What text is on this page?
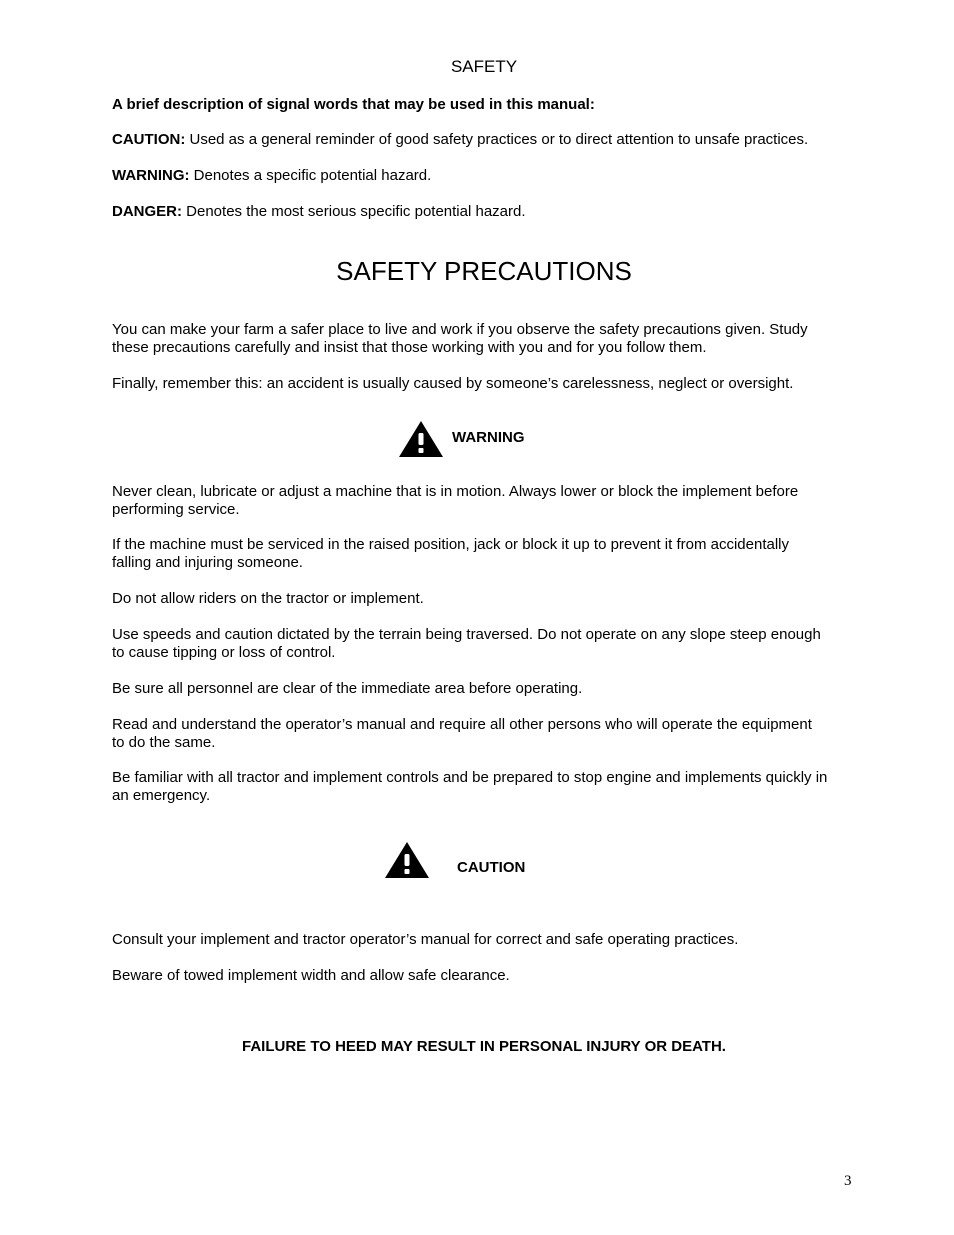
SAFETY
A brief description of signal words that may be used in this manual:
CAUTION: Used as a general reminder of good safety practices or to direct attention to unsafe practices.
WARNING: Denotes a specific potential hazard.
DANGER: Denotes the most serious specific potential hazard.
SAFETY PRECAUTIONS
You can make your farm a safer place to live and work if you observe the safety precautions given. Study
these precautions carefully and insist that those working with you and for you follow them.
Finally, remember this: an accident is usually caused by someone’s carelessness, neglect or oversight.
WARNING
Never clean, lubricate or adjust a machine that is in motion. Always lower or block the implement before
performing service.
If the machine must be serviced in the raised position, jack or block it up to prevent it from accidentally
falling and injuring someone.
Do not allow riders on the tractor or implement.
Use speeds and caution dictated by the terrain being traversed. Do not operate on any slope steep enough
to cause tipping or loss of control.
Be sure all personnel are clear of the immediate area before operating.
Read and understand the operator’s manual and require all other persons who will operate the equipment
to do the same.
Be familiar with all tractor and implement controls and be prepared to stop engine and implements quickly in
an emergency.
CAUTION
Consult your implement and tractor operator’s manual for correct and safe operating practices.
Beware of towed implement width and allow safe clearance.
FAILURE TO HEED MAY RESULT IN PERSONAL INJURY OR DEATH.
3
